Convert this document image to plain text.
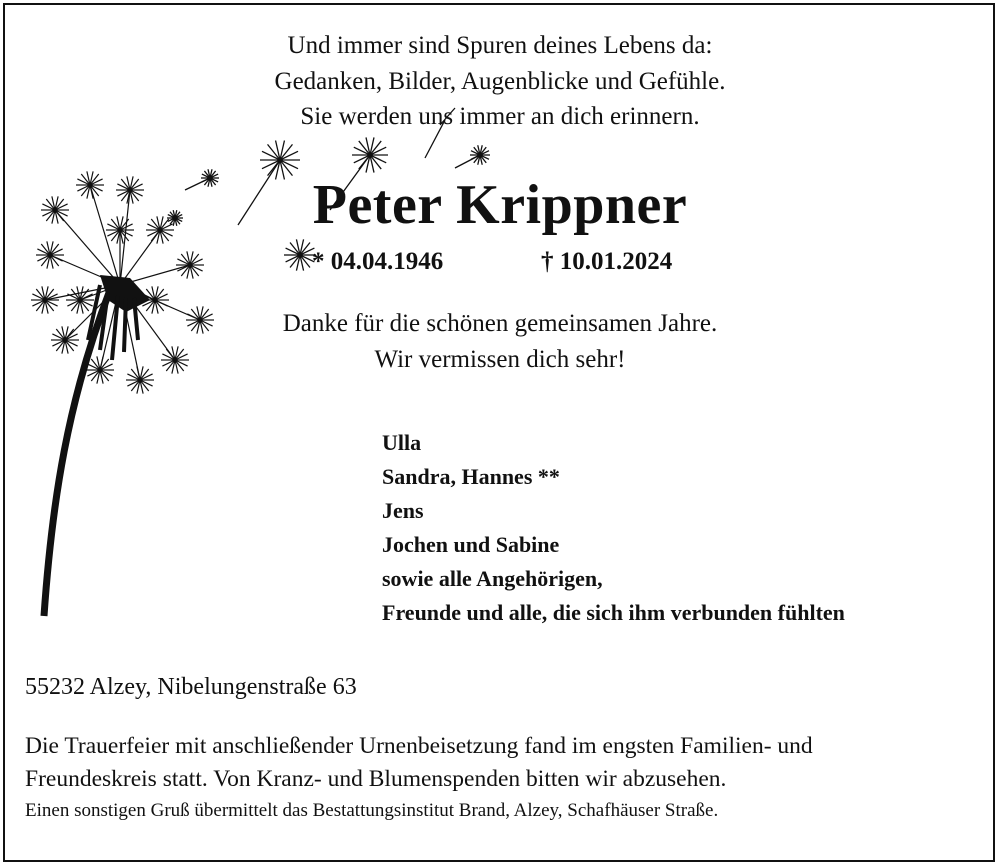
Und immer sind Spuren deines Lebens da:
Gedanken, Bilder, Augenblicke und Gefühle.
Sie werden uns immer an dich erinnern.
Peter Krippner
* 04.04.1946	† 10.01.2024
Danke für die schönen gemeinsamen Jahre.
Wir vermissen dich sehr!
Ulla
Sandra, Hannes **
Jens
Jochen und Sabine
sowie alle Angehörigen,
Freunde und alle, die sich ihm verbunden fühlten
55232 Alzey, Nibelungenstraße 63
Die Trauerfeier mit anschließender Urnenbeisetzung fand im engsten Familien- und
Freundeskreis statt. Von Kranz- und Blumenspenden bitten wir abzusehen.
Einen sonstigen Gruß übermittelt das Bestattungsinstitut Brand, Alzey, Schafhäuser Straße.
